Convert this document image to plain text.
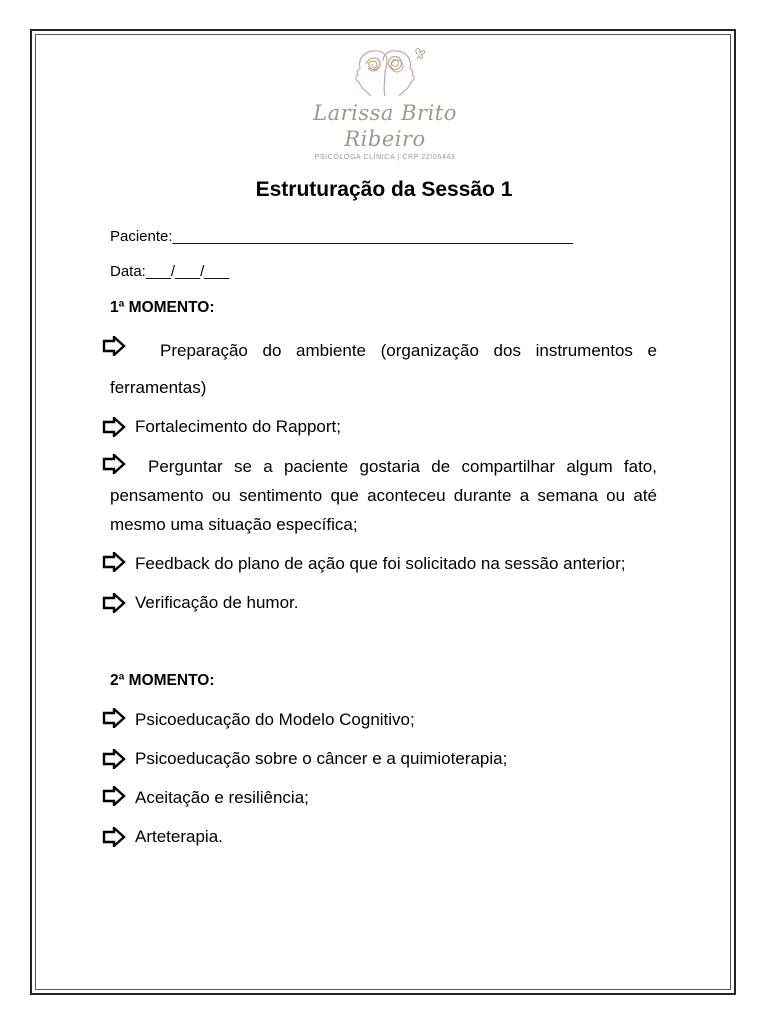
Larissa Brito Ribeiro
PSICÓLOGA CLÍNICA | CRP 22/06443
Estruturação da Sessão 1
Paciente:________________________________________________
Data:___/___/___
1ª MOMENTO:
Preparação do ambiente (organização dos instrumentos e ferramentas)
Fortalecimento do Rapport;
Perguntar se a paciente gostaria de compartilhar algum fato, pensamento ou sentimento que aconteceu durante a semana ou até mesmo uma situação específica;
Feedback do plano de ação que foi solicitado na sessão anterior;
Verificação de humor.
2ª MOMENTO:
Psicoeducação do Modelo Cognitivo;
Psicoeducação sobre o câncer e a quimioterapia;
Aceitação e resiliência;
Arteterapia.
